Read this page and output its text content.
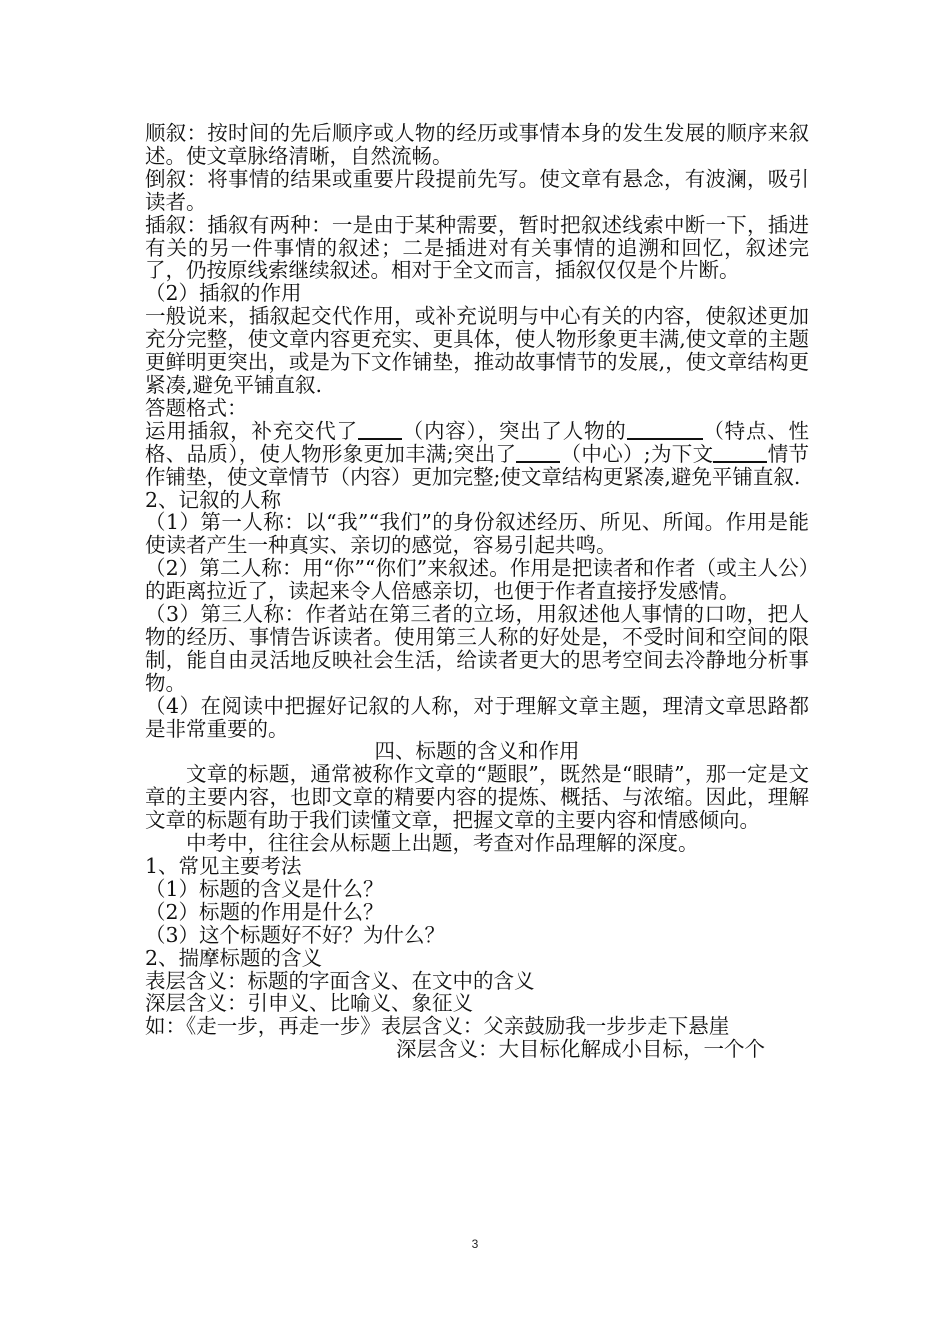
顺叙：按时间的先后顺序或人物的经历或事情本身的发生发展的顺序来叙述。使文章脉络清晰，自然流畅。

倒叙：将事情的结果或重要片段提前先写。使文章有悬念，有波澜，吸引读者。

插叙：插叙有两种：一是由于某种需要，暂时把叙述线索中断一下，插进有关的另一件事情的叙述；二是插进对有关事情的追溯和回忆，叙述完了，仍按原线索继续叙述。相对于全文而言，插叙仅仅是个片断。

（2）插叙的作用

一般说来，插叙起交代作用，或补充说明与中心有关的内容，使叙述更加充分完整，使文章内容更充实、更具体，使人物形象更丰满,使文章的主题更鲜明更突出，或是为下文作铺垫，推动故事情节的发展,，使文章结构更紧凑,避免平铺直叙.

答题格式：

运用插叙，补充交代了 （内容），突出了人物的	（特点、性格、品质），使人物形象更加丰满;突出了 （中心）;为下文	情节作铺垫，使文章情节（内容）更加完整;使文章结构更紧凑,避免平铺直叙.

2、记叙的人称

（1）第一人称：以“我”“我们”的身份叙述经历、所见、所闻。作用是能使读者产生一种真实、亲切的感觉，容易引起共鸣。

（2）第二人称：用“你”“你们”来叙述。作用是把读者和作者（或主人公）的距离拉近了，读起来令人倍感亲切，也便于作者直接抒发感情。

（3）第三人称：作者站在第三者的立场，用叙述他人事情的口吻，把人物的经历、事情告诉读者。使用第三人称的好处是，不受时间和空间的限制，能自由灵活地反映社会生活，给读者更大的思考空间去冷静地分析事物。

（4）在阅读中把握好记叙的人称，对于理解文章主题，理清文章思路都是非常重要的。

四、标题的含义和作用

文章的标题，通常被称作文章的“题眼”，既然是“眼睛”，那一定是文章的主要内容，也即文章的精要内容的提炼、概括、与浓缩。因此，理解文章的标题有助于我们读懂文章，把握文章的主要内容和情感倾向。

中考中，往往会从标题上出题，考查对作品理解的深度。

1、常见主要考法

（1）标题的含义是什么？

（2）标题的作用是什么？

（3）这个标题好不好？为什么？

2、揣摩标题的含义

表层含义：标题的字面含义、在文中的含义

深层含义：引申义、比喻义、象征义

如：《走一步，再走一步》表层含义：父亲鼓励我一步步走下悬崖

深层含义：大目标化解成小目标，一个个

3
